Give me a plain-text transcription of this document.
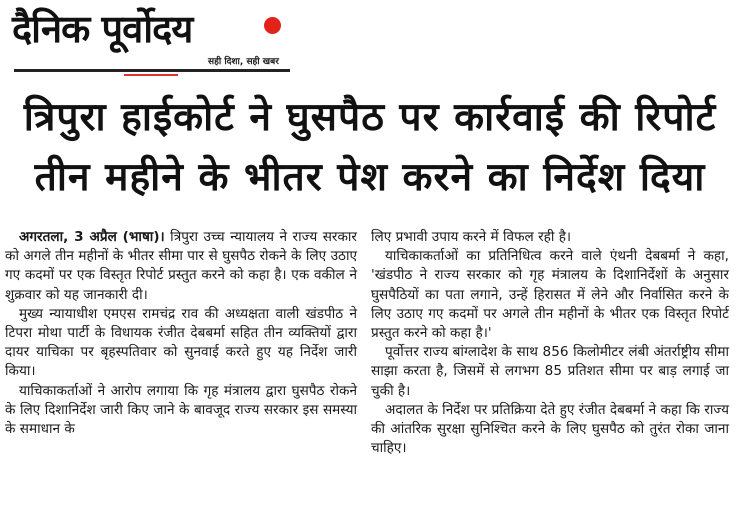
दैनिक पूर्वोदय
सही दिशा, सही खबर
त्रिपुरा हाईकोर्ट ने घुसपैठ पर कार्रवाई की रिपोर्ट
तीन महीने के भीतर पेश करने का निर्देश दिया

अगरतला, 3 अप्रैल (भाषा)। त्रिपुरा उच्च न्यायालय ने राज्य सरकार को अगले तीन महीनों के भीतर सीमा पार से घुसपैठ रोकने के लिए उठाए गए कदमों पर एक विस्तृत रिपोर्ट प्रस्तुत करने को कहा है। एक वकील ने शुक्रवार को यह जानकारी दी।

मुख्य न्यायाधीश एमएस रामचंद्र राव की अध्यक्षता वाली खंडपीठ ने टिपरा मोथा पार्टी के विधायक रंजीत देबबर्मा सहित तीन व्यक्तियों द्वारा दायर याचिका पर बृहस्पतिवार को सुनवाई करते हुए यह निर्देश जारी किया।

याचिकाकर्ताओं ने आरोप लगाया कि गृह मंत्रालय द्वारा घुसपैठ रोकने के लिए दिशानिर्देश जारी किए जाने के बावजूद राज्य सरकार इस समस्या के समाधान के

लिए प्रभावी उपाय करने में विफल रही है।

याचिकाकर्ताओं का प्रतिनिधित्व करने वाले एंथनी देबबर्मा ने कहा, 'खंडपीठ ने राज्य सरकार को गृह मंत्रालय के दिशानिर्देशों के अनुसार घुसपैठियों का पता लगाने, उन्हें हिरासत में लेने और निर्वासित करने के लिए उठाए गए कदमों पर अगले तीन महीनों के भीतर एक विस्तृत रिपोर्ट प्रस्तुत करने को कहा है।'

पूर्वोत्तर राज्य बांग्लादेश के साथ 856 किलोमीटर लंबी अंतर्राष्ट्रीय सीमा साझा करता है, जिसमें से लगभग 85 प्रतिशत सीमा पर बाड़ लगाई जा चुकी है।

अदालत के निर्देश पर प्रतिक्रिया देते हुए रंजीत देबबर्मा ने कहा कि राज्य की आंतरिक सुरक्षा सुनिश्चित करने के लिए घुसपैठ को तुरंत रोका जाना चाहिए।
